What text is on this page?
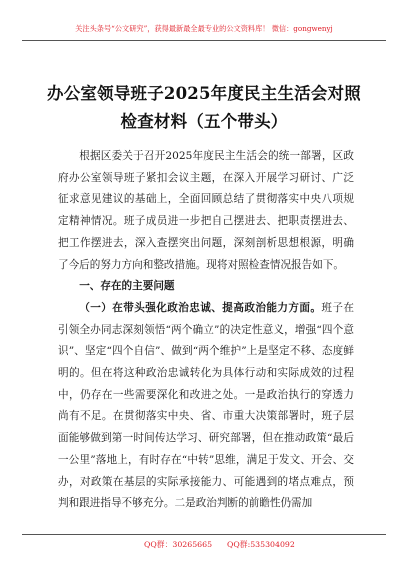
关注头条号“公文研究”，获得最新最全最专业的公文资料库！ 微信：gongwenyj
办公室领导班子2025年度民主生活会对照检查材料（五个带头）

根据区委关于召开2025年度民主生活会的统一部署，区政府办公室领导班子紧扣会议主题，在深入开展学习研讨、广泛征求意见建议的基础上，全面回顾总结了贯彻落实中央八项规定精神情况。班子成员进一步把自己摆进去、把职责摆进去、把工作摆进去，深入查摆突出问题，深刻剖析思想根源，明确了今后的努力方向和整改措施。现将对照检查情况报告如下。

一、存在的主要问题

（一）在带头强化政治忠诚、提高政治能力方面。班子在引领全办同志深刻领悟“两个确立”的决定性意义，增强“四个意识”、坚定“四个自信”、做到“两个维护”上是坚定不移、态度鲜明的。但在将这种政治忠诚转化为具体行动和实际成效的过程中，仍存在一些需要深化和改进之处。一是政治执行的穿透力尚有不足。在贯彻落实中央、省、市重大决策部署时，班子层面能够做到第一时间传达学习、研究部署，但在推动政策“最后一公里”落地上，有时存在“中转”思维，满足于发文、开会、交办，对政策在基层的实际承接能力、可能遇到的堵点难点，预判和跟进指导不够充分。二是政治判断的前瞻性仍需加

QQ群：30265665 QQ群:535304092
